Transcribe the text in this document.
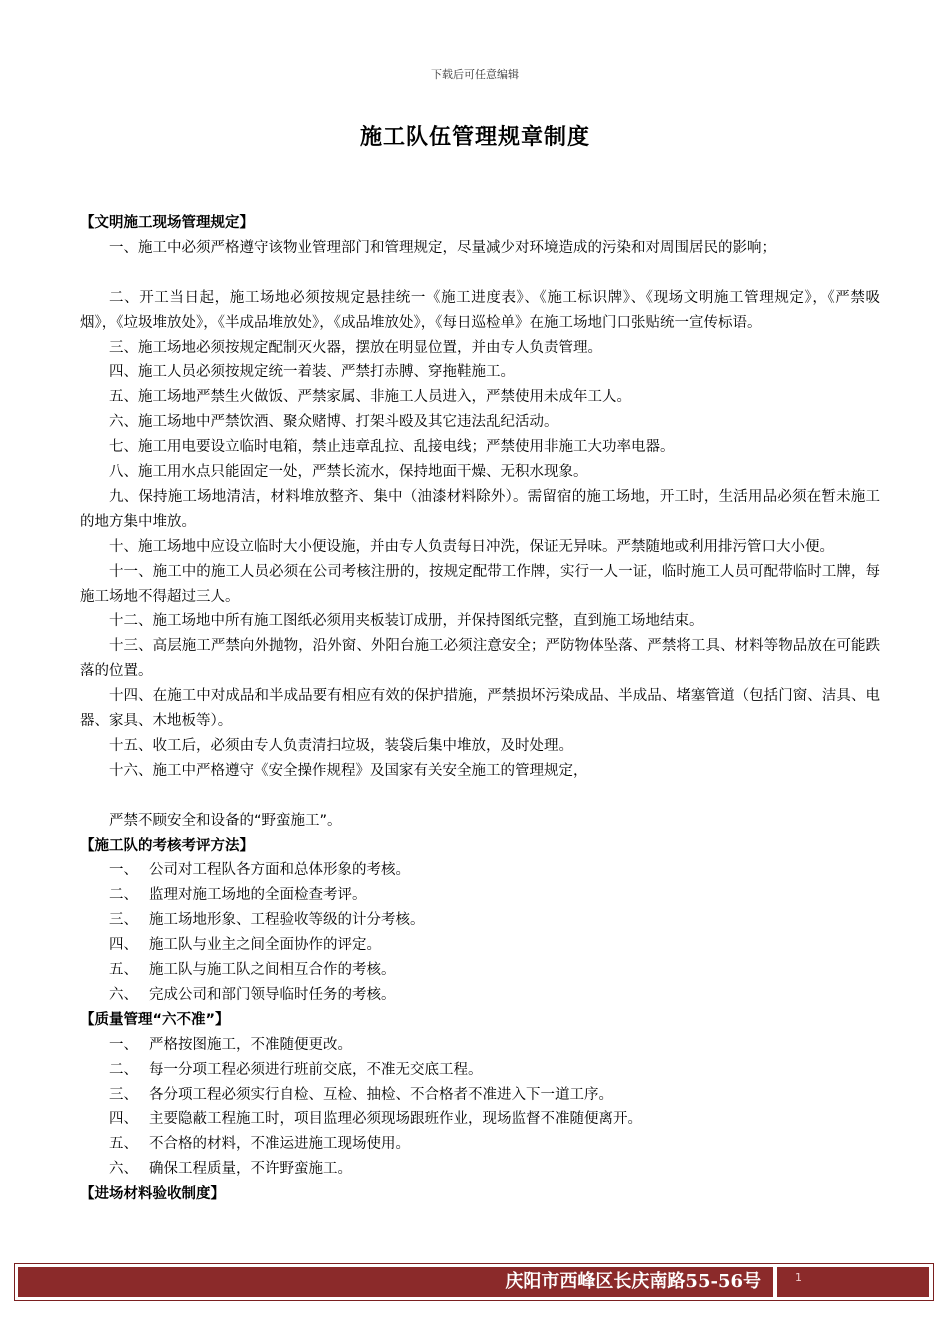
下载后可任意编辑
施工队伍管理规章制度
【文明施工现场管理规定】
一、施工中必须严格遵守该物业管理部门和管理规定，尽量减少对环境造成的污染和对周围居民的影响；
二、开工当日起，施工场地必须按规定悬挂统一《施工进度表》、《施工标识牌》、《现场文明施工管理规定》，《严禁吸烟》，《垃圾堆放处》，《半成品堆放处》，《成品堆放处》，《每日巡检单》在施工场地门口张贴统一宣传标语。
三、施工场地必须按规定配制灭火器，摆放在明显位置，并由专人负责管理。
四、施工人员必须按规定统一着装、严禁打赤膊、穿拖鞋施工。
五、施工场地严禁生火做饭、严禁家属、非施工人员进入，严禁使用未成年工人。
六、施工场地中严禁饮酒、聚众赌博、打架斗殴及其它违法乱纪活动。
七、施工用电要设立临时电箱，禁止违章乱拉、乱接电线；严禁使用非施工大功率电器。
八、施工用水点只能固定一处，严禁长流水，保持地面干燥、无积水现象。
九、保持施工场地清洁，材料堆放整齐、集中（油漆材料除外）。需留宿的施工场地，开工时，生活用品必须在暂未施工的地方集中堆放。
十、施工场地中应设立临时大小便设施，并由专人负责每日冲洗，保证无异味。严禁随地或利用排污管口大小便。
十一、施工中的施工人员必须在公司考核注册的，按规定配带工作牌，实行一人一证，临时施工人员可配带临时工牌，每施工场地不得超过三人。
十二、施工场地中所有施工图纸必须用夹板装订成册，并保持图纸完整，直到施工场地结束。
十三、高层施工严禁向外抛物，沿外窗、外阳台施工必须注意安全；严防物体坠落、严禁将工具、材料等物品放在可能跌落的位置。
十四、在施工中对成品和半成品要有相应有效的保护措施，严禁损坏污染成品、半成品、堵塞管道（包括门窗、洁具、电器、家具、木地板等）。
十五、收工后，必须由专人负责清扫垃圾，装袋后集中堆放，及时处理。
十六、施工中严格遵守《安全操作规程》及国家有关安全施工的管理规定，
严禁不顾安全和设备的“野蛮施工”。
【施工队的考核考评方法】
一、 公司对工程队各方面和总体形象的考核。
二、 监理对施工场地的全面检查考评。
三、 施工场地形象、工程验收等级的计分考核。
四、 施工队与业主之间全面协作的评定。
五、 施工队与施工队之间相互合作的考核。
六、 完成公司和部门领导临时任务的考核。
【质量管理“六不准”】
一、 严格按图施工，不准随便更改。
二、 每一分项工程必须进行班前交底，不准无交底工程。
三、 各分项工程必须实行自检、互检、抽检、不合格者不准进入下一道工序。
四、 主要隐蔽工程施工时，项目监理必须现场跟班作业，现场监督不准随便离开。
五、 不合格的材料，不准运进施工现场使用。
六、 确保工程质量，不许野蛮施工。
【进场材料验收制度】
庆阳市西峰区长庆南路55-56号	1
